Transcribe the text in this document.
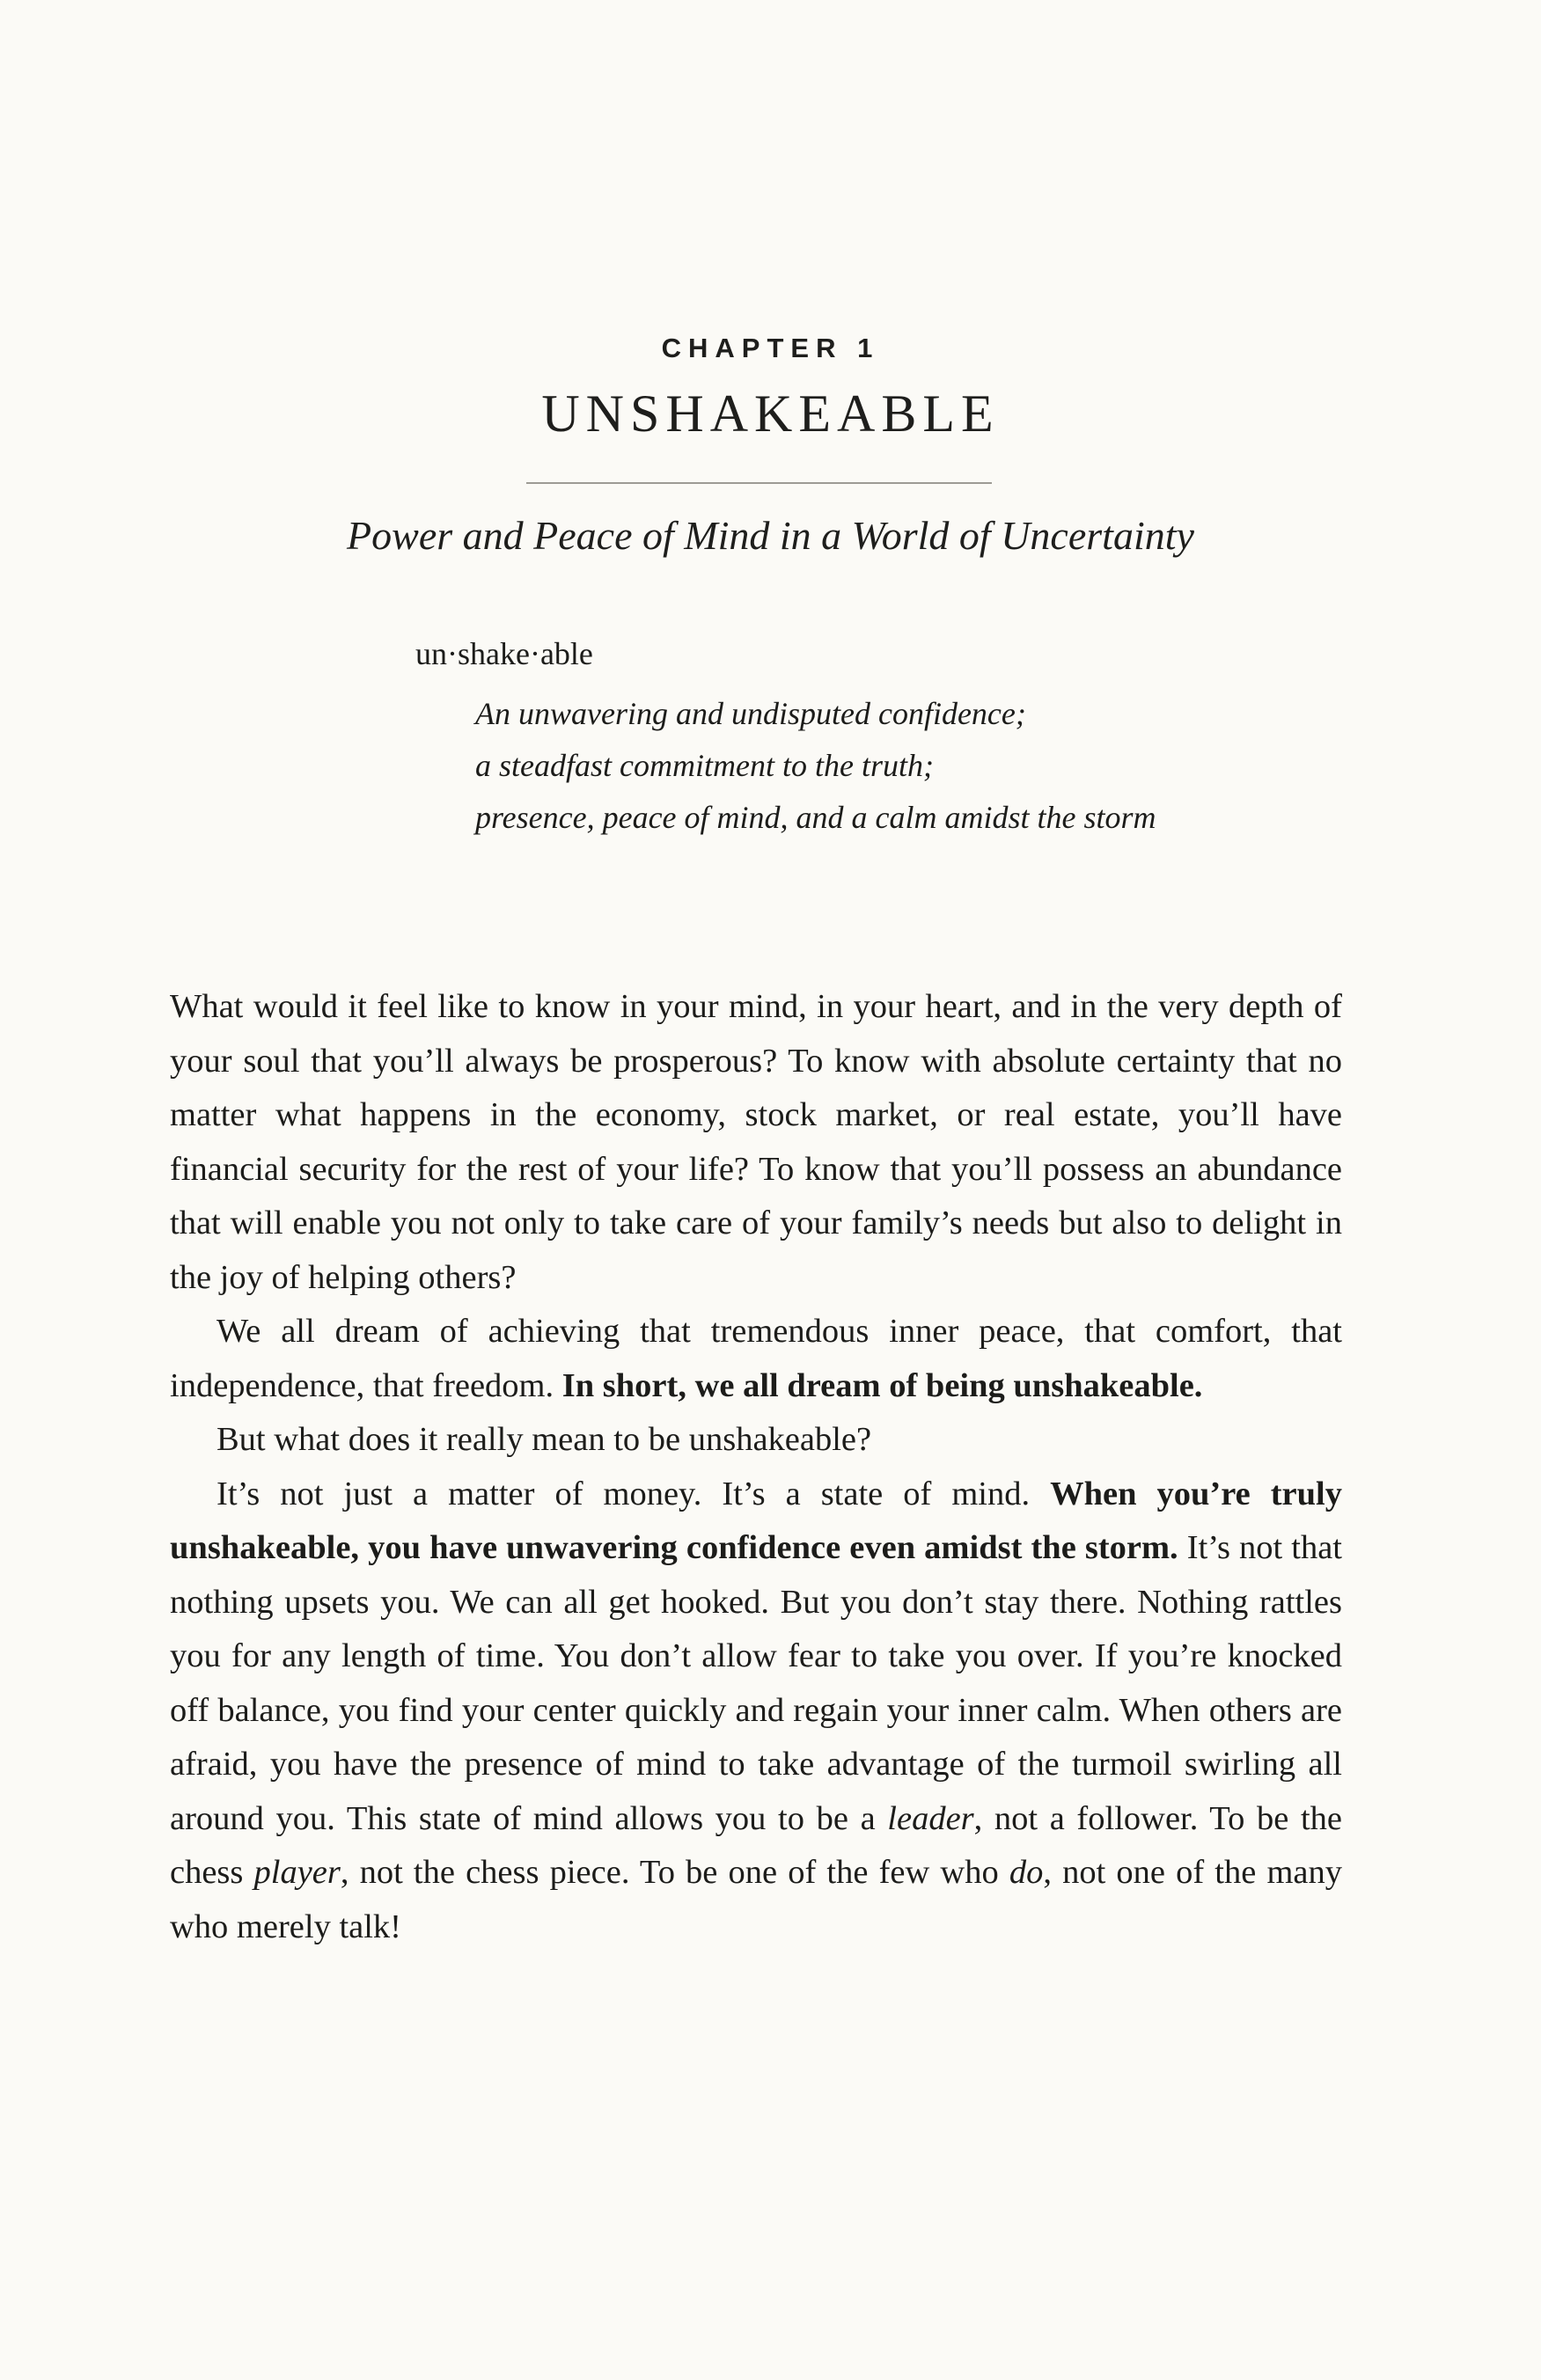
CHAPTER 1
UNSHAKEABLE
Power and Peace of Mind in a World of Uncertainty
un·shake·able
An unwavering and undisputed confidence;
a steadfast commitment to the truth;
presence, peace of mind, and a calm amidst the storm

What would it feel like to know in your mind, in your heart, and in the very depth of your soul that you’ll always be prosperous? To know with absolute certainty that no matter what happens in the economy, stock market, or real estate, you’ll have financial security for the rest of your life? To know that you’ll possess an abundance that will enable you not only to take care of your family’s needs but also to delight in the joy of helping others?

We all dream of achieving that tremendous inner peace, that comfort, that independence, that freedom. In short, we all dream of being unshakeable.

But what does it really mean to be unshakeable?

It’s not just a matter of money. It’s a state of mind. When you’re truly unshakeable, you have unwavering confidence even amidst the storm. It’s not that nothing upsets you. We can all get hooked. But you don’t stay there. Nothing rattles you for any length of time. You don’t allow fear to take you over. If you’re knocked off balance, you find your center quickly and regain your inner calm. When others are afraid, you have the presence of mind to take advantage of the turmoil swirling all around you. This state of mind allows you to be a leader, not a follower. To be the chess player, not the chess piece. To be one of the few who do, not one of the many who merely talk!
